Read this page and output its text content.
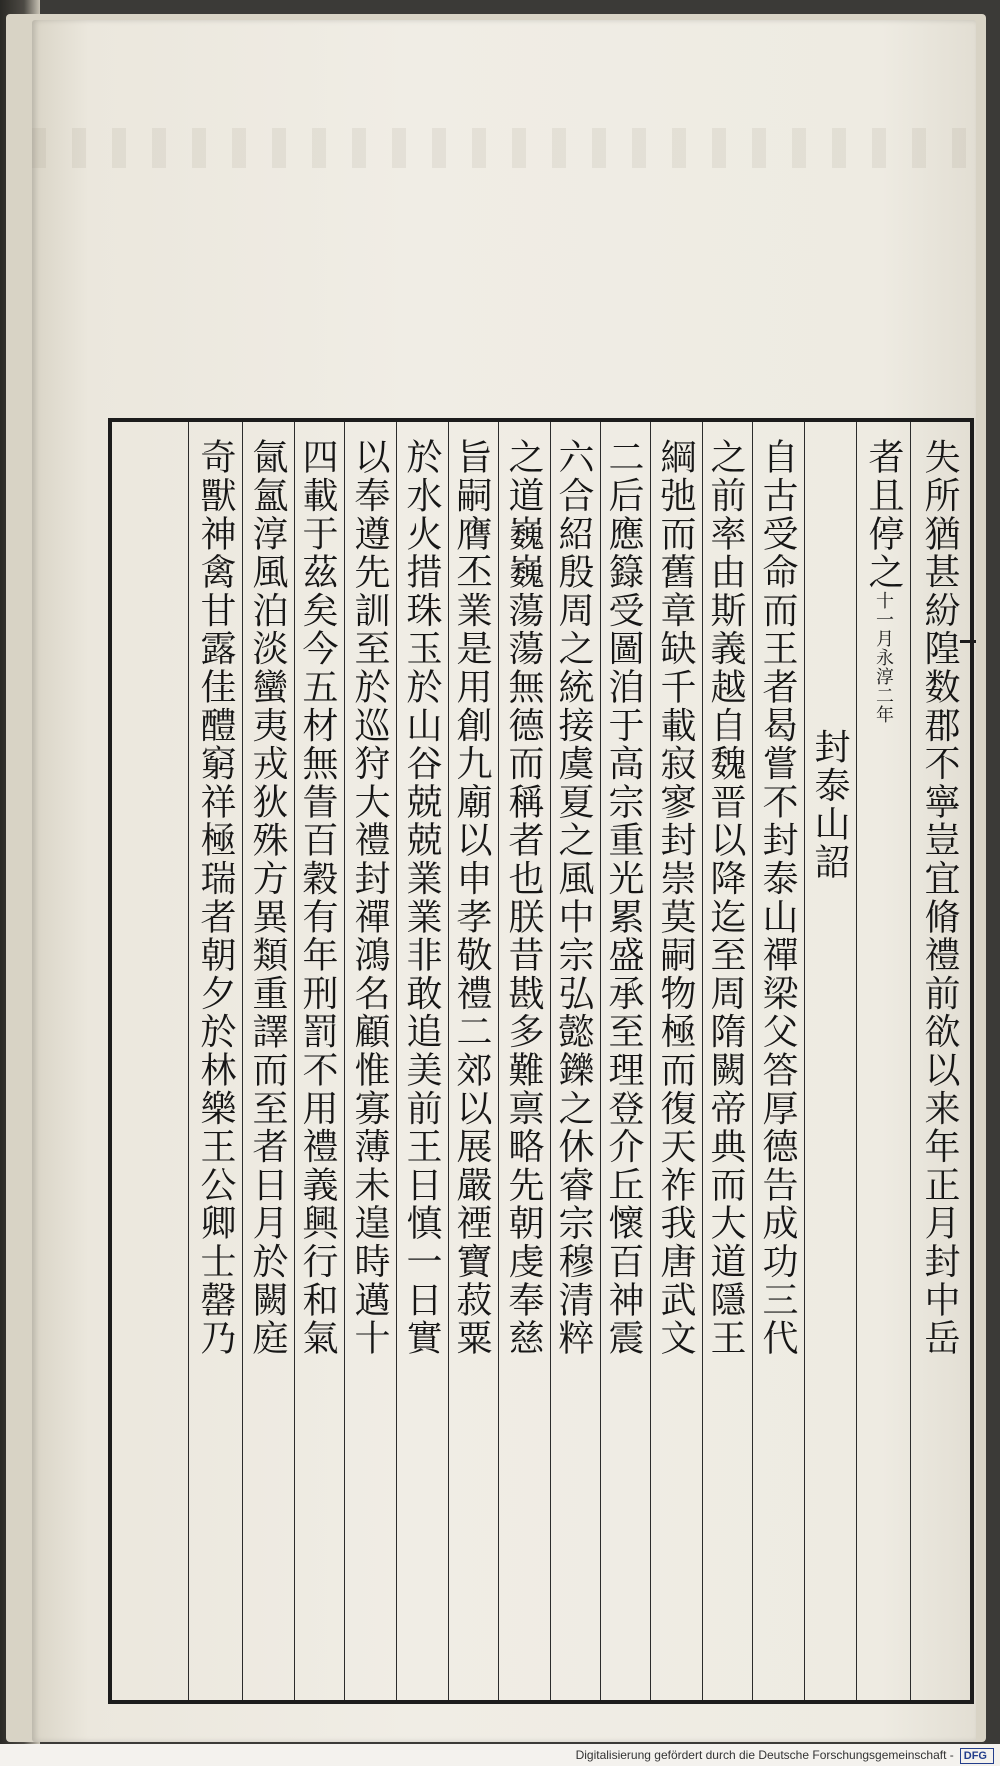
失所猶甚紛隍数郡不寧豈宜脩禮前欲以来年正月封中岳
者且停之十一月永淳二年
封泰山詔
自古受命而王者曷嘗不封泰山禪梁父答厚德告成功三代
之前率由斯義越自魏晋以降迄至周隋闕帝典而大道隱王
綱弛而舊章缺千載寂寥封崇莫嗣物極而復天祚我唐武文
二后應籙受圖洎于高宗重光累盛承至理登介丘懷百神震
六合紹殷周之統接虞夏之風中宗弘懿鑠之休睿宗穆清粹
之道巍巍蕩蕩無德而稱者也朕昔戡多難禀略先朝虔奉慈
旨嗣膺丕業是用創九廟以申孝敬禮二郊以展嚴禋寶菽粟
於水火措珠玉於山谷兢兢業業非敢追美前王日慎一日實
以奉遵先訓至於巡狩大禮封禪鴻名顧惟寡薄未遑時邁十
四載于茲矣今五材無眚百穀有年刑罰不用禮義興行和氣
氤氳淳風泊淡蠻夷戎狄殊方異類重譯而至者日月於闕庭
奇獸神禽甘露佳醴窮祥極瑞者朝夕於林樂王公卿士罄乃
Digitalisierung gefördert durch die Deutsche Forschungsgemeinschaft - DFG
